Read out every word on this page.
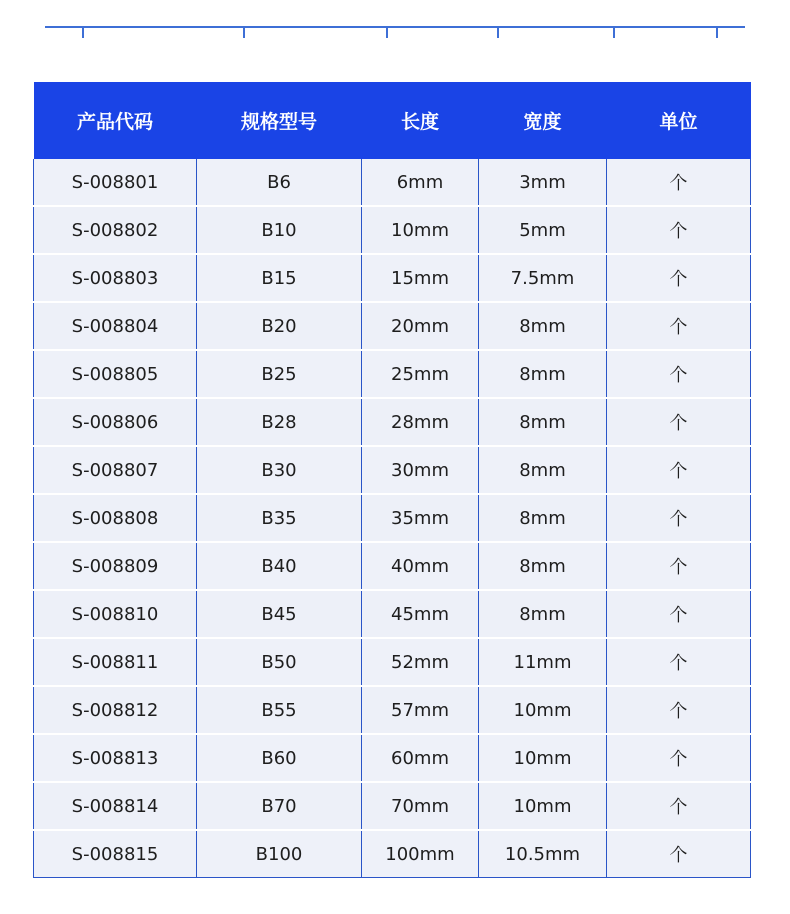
产品代码	规格型号	长度	宽度	单位
S-008801	B6	6mm	3mm	个
S-008802	B10	10mm	5mm	个
S-008803	B15	15mm	7.5mm	个
S-008804	B20	20mm	8mm	个
S-008805	B25	25mm	8mm	个
S-008806	B28	28mm	8mm	个
S-008807	B30	30mm	8mm	个
S-008808	B35	35mm	8mm	个
S-008809	B40	40mm	8mm	个
S-008810	B45	45mm	8mm	个
S-008811	B50	52mm	11mm	个
S-008812	B55	57mm	10mm	个
S-008813	B60	60mm	10mm	个
S-008814	B70	70mm	10mm	个
S-008815	B100	100mm	10.5mm	个
